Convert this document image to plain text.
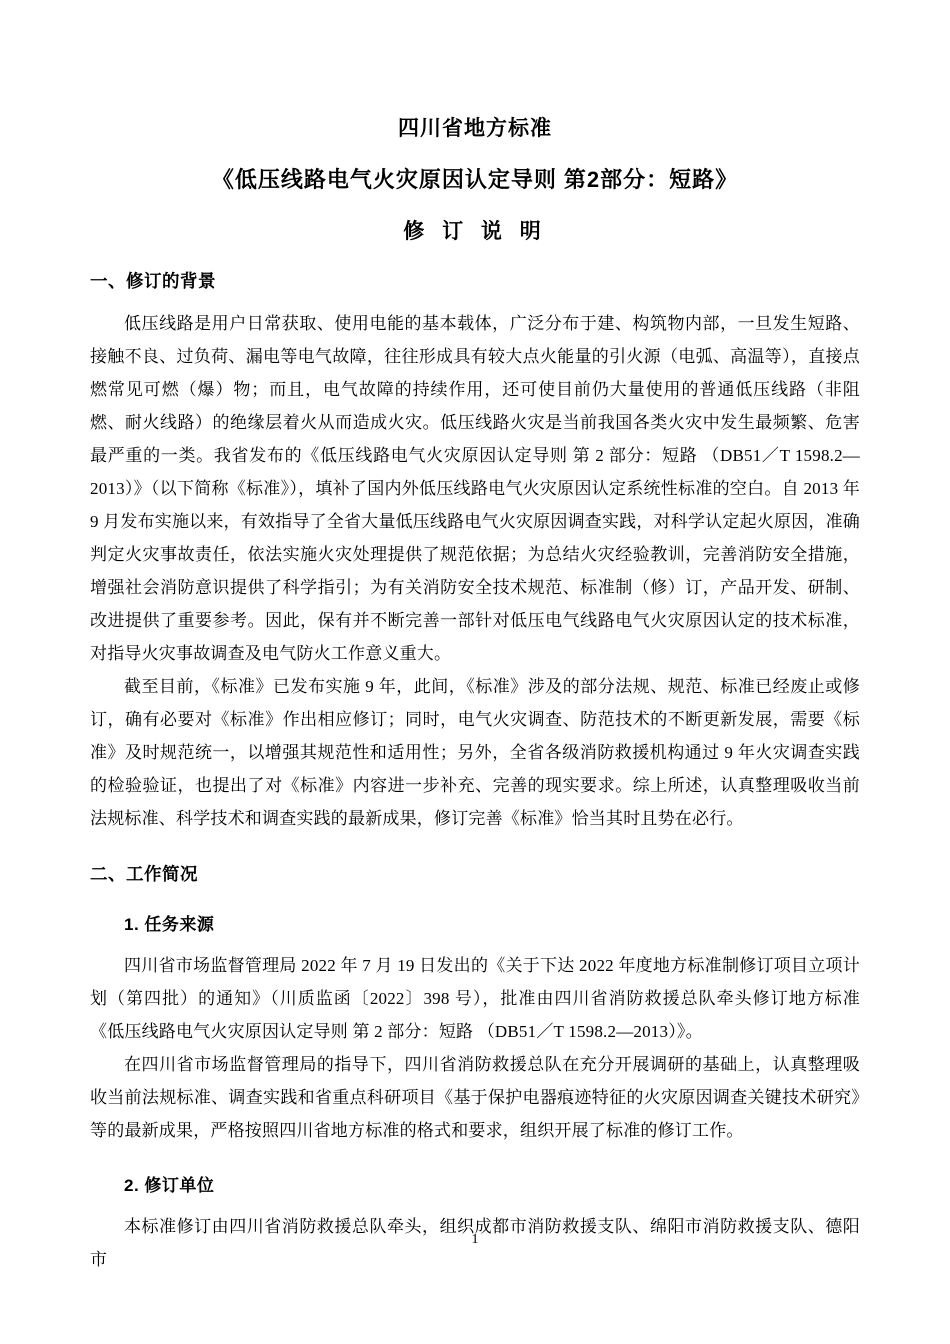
四川省地方标准
《低压线路电气火灾原因认定导则 第2部分：短路》
修 订 说 明
一、修订的背景

低压线路是用户日常获取、使用电能的基本载体，广泛分布于建、构筑物内部，一旦发生短路、接触不良、过负荷、漏电等电气故障，往往形成具有较大点火能量的引火源（电弧、高温等），直接点燃常见可燃（爆）物；而且，电气故障的持续作用，还可使目前仍大量使用的普通低压线路（非阻燃、耐火线路）的绝缘层着火从而造成火灾。低压线路火灾是当前我国各类火灾中发生最频繁、危害最严重的一类。我省发布的《低压线路电气火灾原因认定导则 第 2 部分：短路 （DB51／T 1598.2—2013）》（以下简称《标准》），填补了国内外低压线路电气火灾原因认定系统性标准的空白。自 2013 年 9 月发布实施以来，有效指导了全省大量低压线路电气火灾原因调查实践，对科学认定起火原因，准确判定火灾事故责任，依法实施火灾处理提供了规范依据；为总结火灾经验教训，完善消防安全措施，增强社会消防意识提供了科学指引；为有关消防安全技术规范、标准制（修）订，产品开发、研制、改进提供了重要参考。因此，保有并不断完善一部针对低压电气线路电气火灾原因认定的技术标准，对指导火灾事故调查及电气防火工作意义重大。

截至目前，《标准》已发布实施 9 年，此间，《标准》涉及的部分法规、规范、标准已经废止或修订，确有必要对《标准》作出相应修订；同时，电气火灾调查、防范技术的不断更新发展，需要《标准》及时规范统一，以增强其规范性和适用性；另外，全省各级消防救援机构通过 9 年火灾调查实践的检验验证，也提出了对《标准》内容进一步补充、完善的现实要求。综上所述，认真整理吸收当前法规标准、科学技术和调查实践的最新成果，修订完善《标准》恰当其时且势在必行。

二、工作简况
1. 任务来源

四川省市场监督管理局 2022 年 7 月 19 日发出的《关于下达 2022 年度地方标准制修订项目立项计划（第四批）的通知》（川质监函〔2022〕398 号），批准由四川省消防救援总队牵头修订地方标准《低压线路电气火灾原因认定导则 第 2 部分：短路 （DB51／T 1598.2—2013）》。

在四川省市场监督管理局的指导下，四川省消防救援总队在充分开展调研的基础上，认真整理吸收当前法规标准、调查实践和省重点科研项目《基于保护电器痕迹特征的火灾原因调查关键技术研究》等的最新成果，严格按照四川省地方标准的格式和要求，组织开展了标准的修订工作。

2. 修订单位

本标准修订由四川省消防救援总队牵头，组织成都市消防救援支队、绵阳市消防救援支队、德阳市

1
